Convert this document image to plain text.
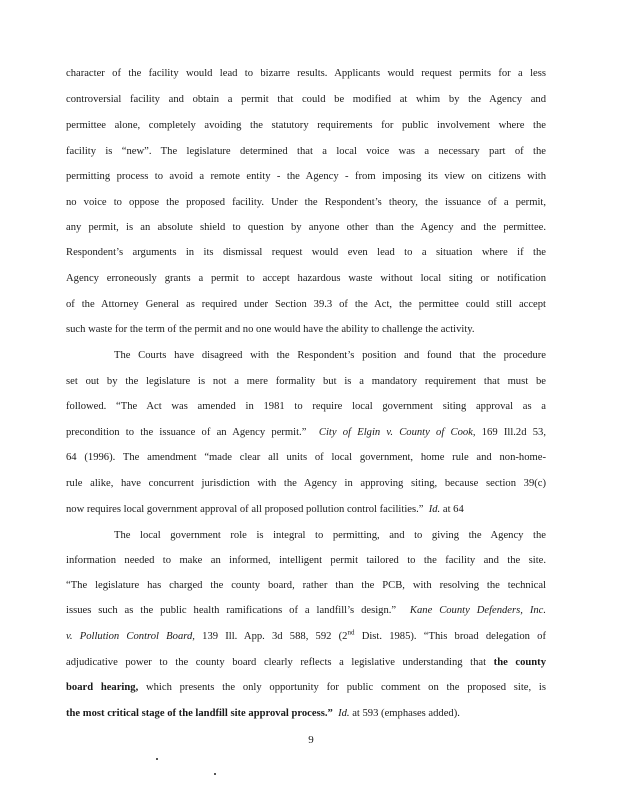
character of the facility would lead to bizarre results. Applicants would request permits for a less
controversial facility and obtain a permit that could be modified at whim by the Agency and
permittee alone, completely avoiding the statutory requirements for public involvement where the
facility is “new”. The legislature determined that a local voice was a necessary part of the
permitting process to avoid a remote entity - the Agency - from imposing its view on citizens with
no voice to oppose the proposed facility. Under the Respondent’s theory, the issuance of a permit,
any permit, is an absolute shield to question by anyone other than the Agency and the permittee.
Respondent’s arguments in its dismissal request would even lead to a situation where if the
Agency erroneously grants a permit to accept hazardous waste without local siting or notification
of the Attorney General as required under Section 39.3 of the Act, the permittee could still accept
such waste for the term of the permit and no one would have the ability to challenge the activity.
The Courts have disagreed with the Respondent’s position and found that the procedure
set out by the legislature is not a mere formality but is a mandatory requirement that must be
followed. “The Act was amended in 1981 to require local government siting approval as a
precondition to the issuance of an Agency permit.” City of Elgin v. County of Cook, 169 Ill.2d 53,
64 (1996). The amendment “made clear all units of local government, home rule and non-home-
rule alike, have concurrent jurisdiction with the Agency in approving siting, because section 39(c)
now requires local government approval of all proposed pollution control facilities.” Id. at 64
The local government role is integral to permitting, and to giving the Agency the
information needed to make an informed, intelligent permit tailored to the facility and the site.
“The legislature has charged the county board, rather than the PCB, with resolving the technical
issues such as the public health ramifications of a landfill’s design.” Kane County Defenders, Inc.
v. Pollution Control Board, 139 Ill. App. 3d 588, 592 (2nd Dist. 1985). “This broad delegation of
adjudicative power to the county board clearly reflects a legislative understanding that the county
board hearing, which presents the only opportunity for public comment on the proposed site, is
the most critical stage of the landfill site approval process.” Id. at 593 (emphases added).
9
